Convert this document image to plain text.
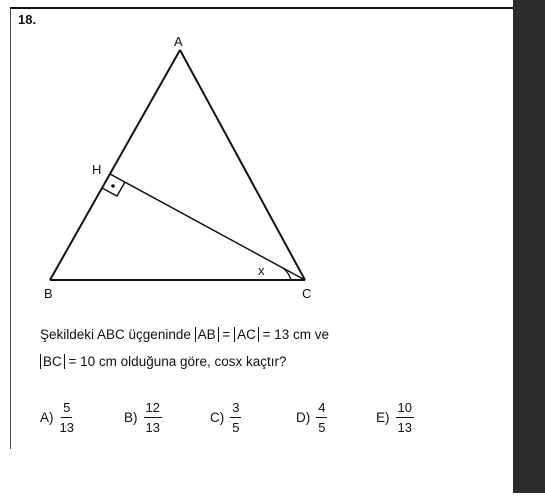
18.
A
B	C
H
x
Şekildeki ABC üçgeninde AB = AC = 13 cm ve
BC = 10 cm olduğuna göre, cosx kaçtır?
$A) \frac{5}{13}$	$B) \frac{12}{13}$	$C) \frac{3}{5}$	$D) \frac{4}{5}$	$E) \frac{10}{13}$
